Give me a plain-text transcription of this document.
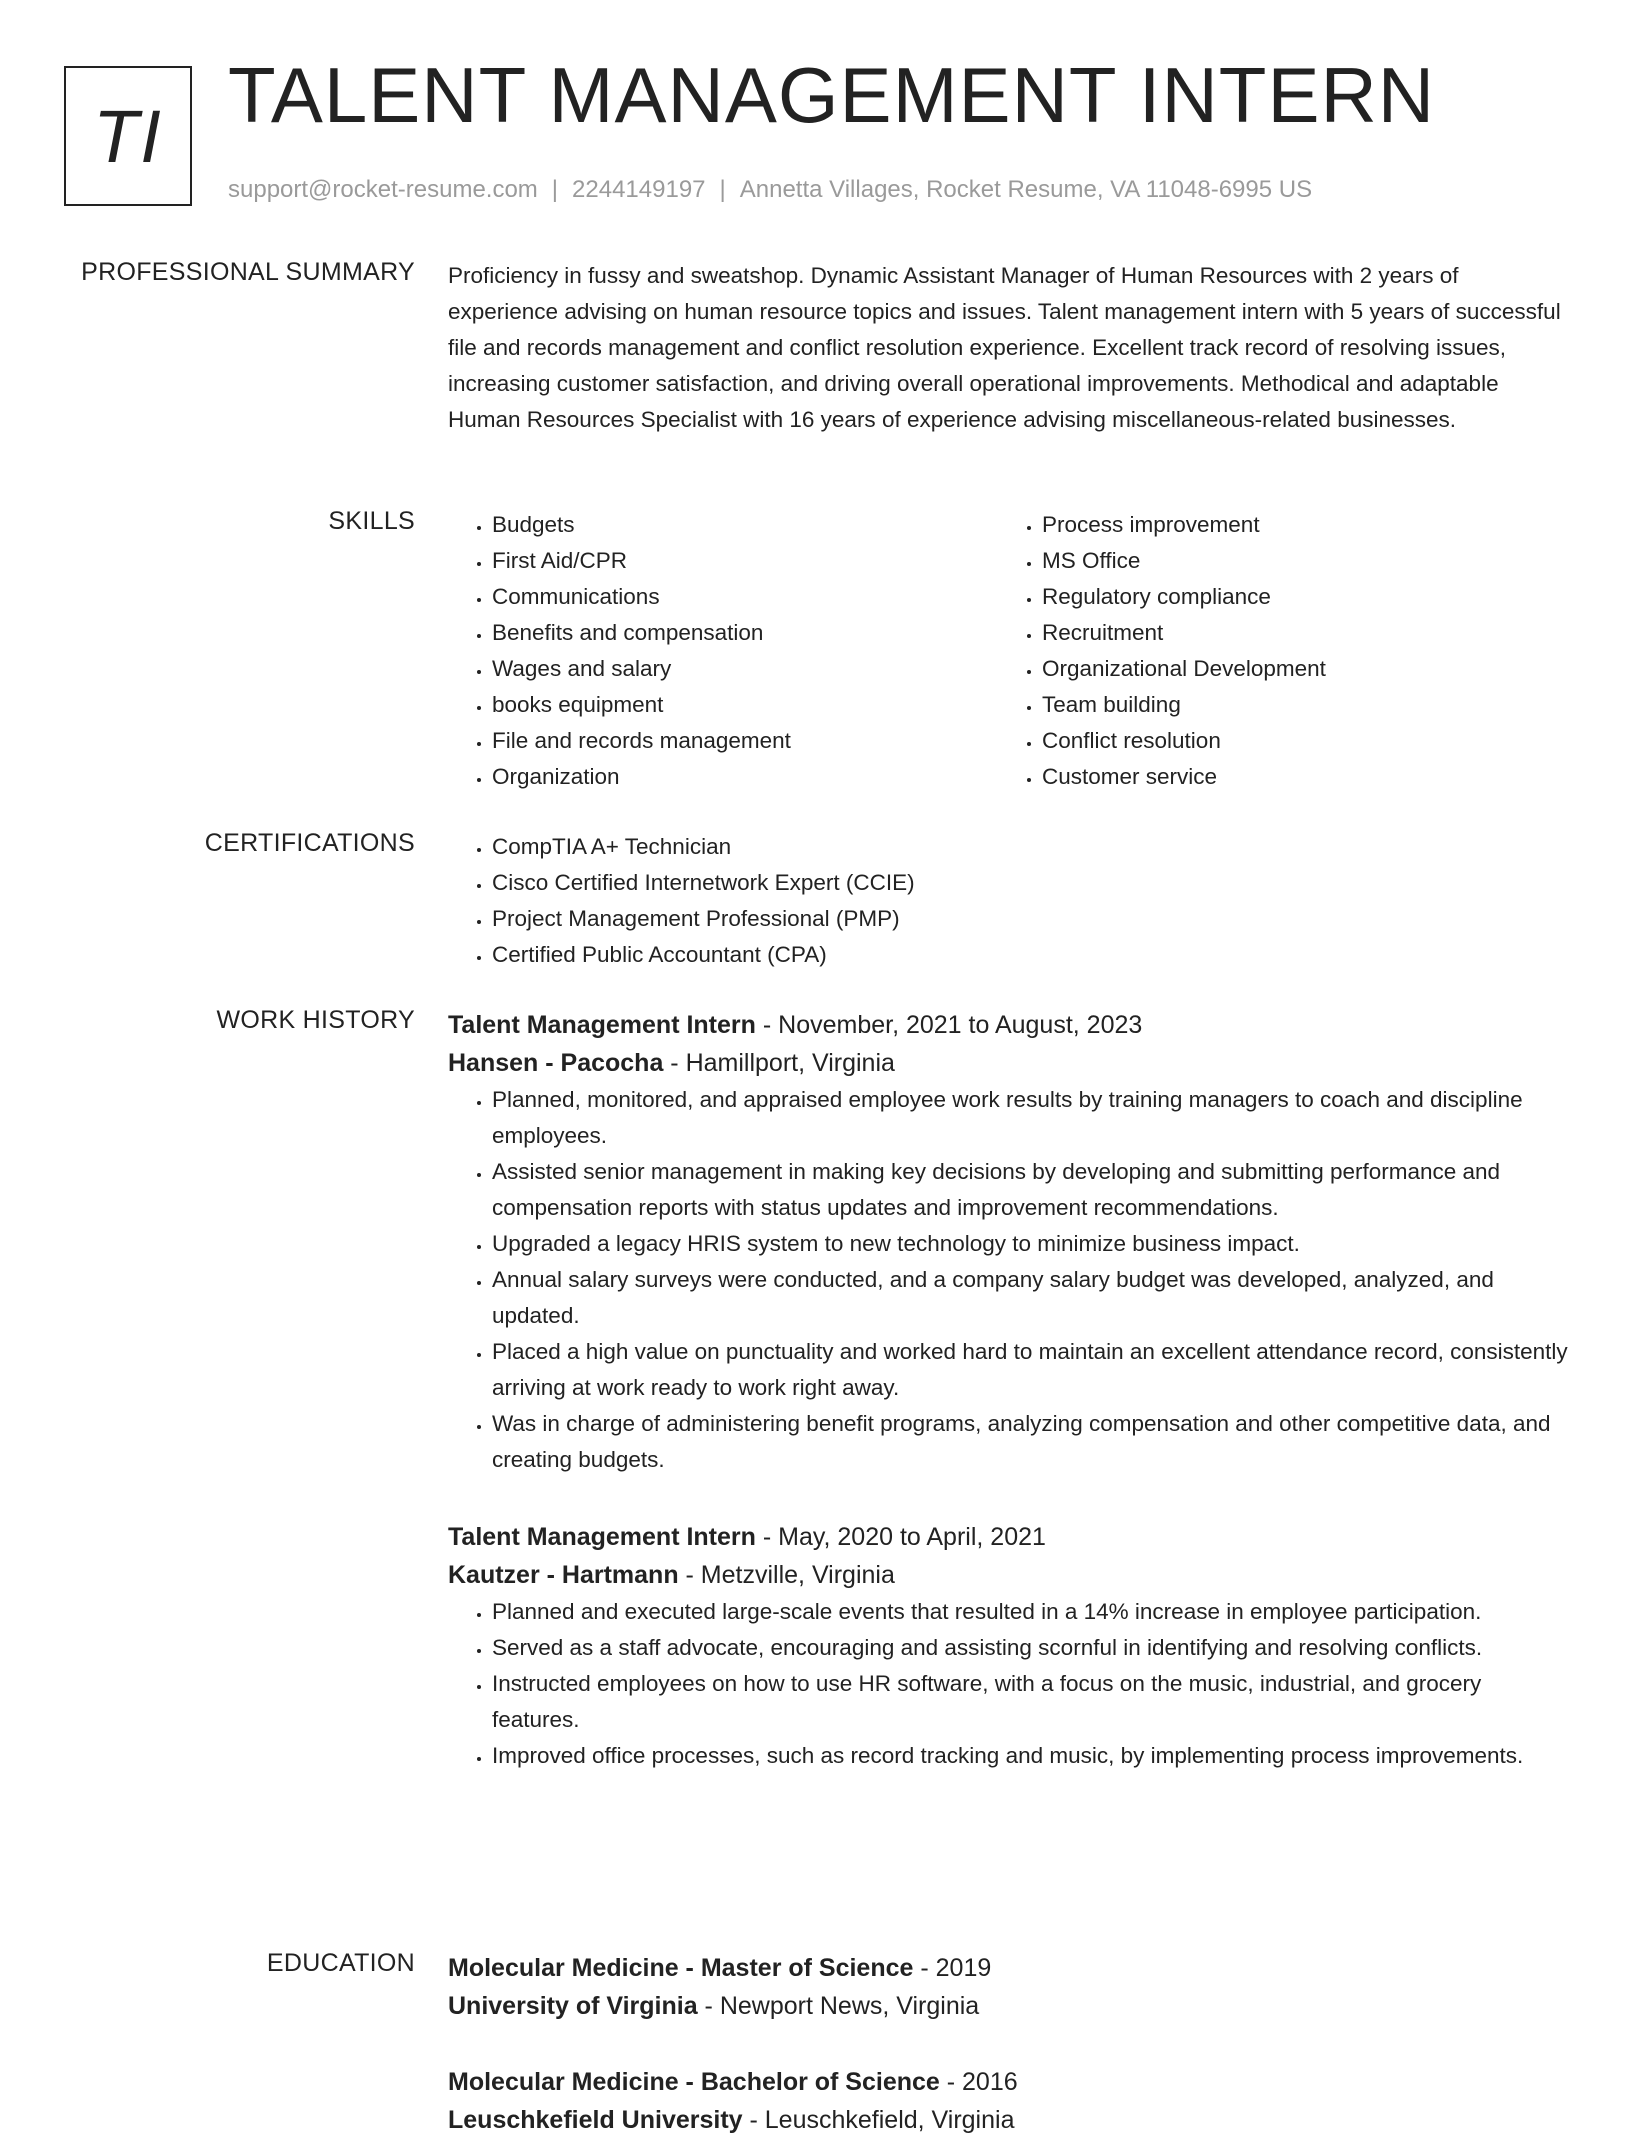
TI TALENT MANAGEMENT INTERN
support@rocket-resume.com | 2244149197 | Annetta Villages, Rocket Resume, VA 11048-6995 US
PROFESSIONAL SUMMARY Proficiency in fussy and sweatshop. Dynamic Assistant Manager of Human Resources with 2 years of experience advising on human resource topics and issues. Talent management intern with 5 years of successful file and records management and conflict resolution experience. Excellent track record of resolving issues, increasing customer satisfaction, and driving overall operational improvements. Methodical and adaptable Human Resources Specialist with 16 years of experience advising miscellaneous-related businesses.

SKILLS	• Budgets
• First Aid/CPR
• Communications
• Benefits and compensation
• Wages and salary
• books equipment
• File and records management
• Organization
• Process improvement
• MS Office
• Regulatory compliance
• Recruitment
• Organizational Development
• Team building
• Conflict resolution
• Customer service
CERTIFICATIONS	• CompTIA A+ Technician
• Cisco Certified Internetwork Expert (CCIE)
• Project Management Professional (PMP)
• Certified Public Accountant (CPA)
WORK HISTORY Talent Management Intern - November, 2021 to August, 2023
Hansen - Pacocha - Hamillport, Virginia
• Planned, monitored, and appraised employee work results by training managers to coach and discipline employees.
• Assisted senior management in making key decisions by developing and submitting performance and compensation reports with status updates and improvement recommendations.
• Upgraded a legacy HRIS system to new technology to minimize business impact.
• Annual salary surveys were conducted, and a company salary budget was developed, analyzed, and updated.
• Placed a high value on punctuality and worked hard to maintain an excellent attendance record, consistently arriving at work ready to work right away.
• Was in charge of administering benefit programs, analyzing compensation and other competitive data, and creating budgets.
Talent Management Intern - May, 2020 to April, 2021
Kautzer - Hartmann - Metzville, Virginia
• Planned and executed large-scale events that resulted in a 14% increase in employee participation.
• Served as a staff advocate, encouraging and assisting scornful in identifying and resolving conflicts.
• Instructed employees on how to use HR software, with a focus on the music, industrial, and grocery features.
• Improved office processes, such as record tracking and music, by implementing process improvements.
EDUCATION Molecular Medicine - Master of Science - 2019
University of Virginia - Newport News, Virginia
Molecular Medicine - Bachelor of Science - 2016
Leuschkefield University - Leuschkefield, Virginia
